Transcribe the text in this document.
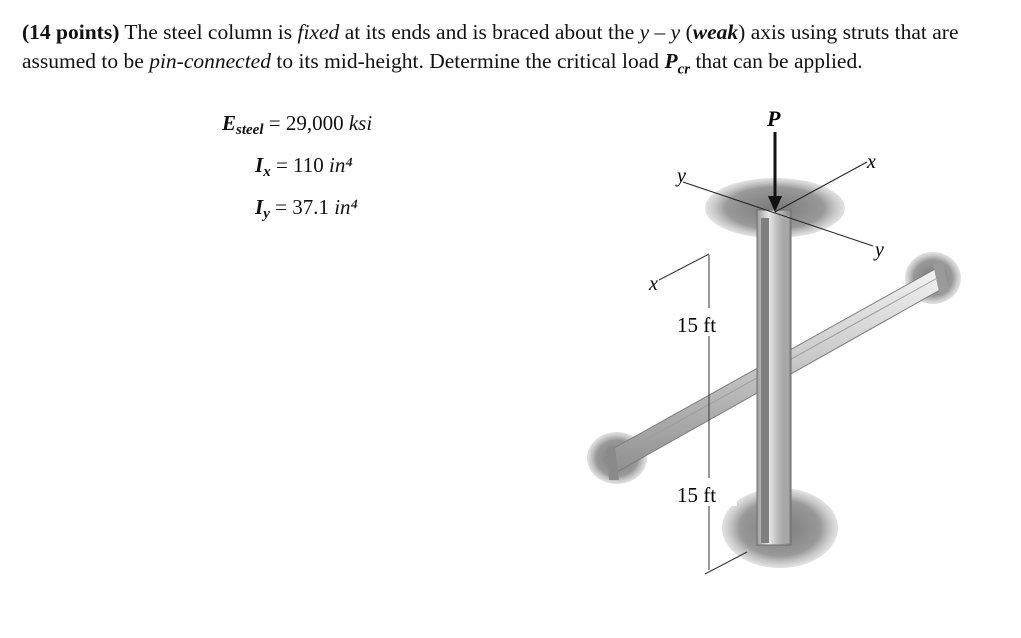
(14 points) The steel column is fixed at its ends and is braced about the y – y (weak) axis using struts that are assumed to be pin-connected to its mid-height. Determine the critical load $P_{cr}$ that can be applied.
$E_{steel} = 29,000$ ksi
$I_x = 110$ in⁴
$I_y = 37.1$ in⁴
P
x
y
y
x
15 ft
15 ft
